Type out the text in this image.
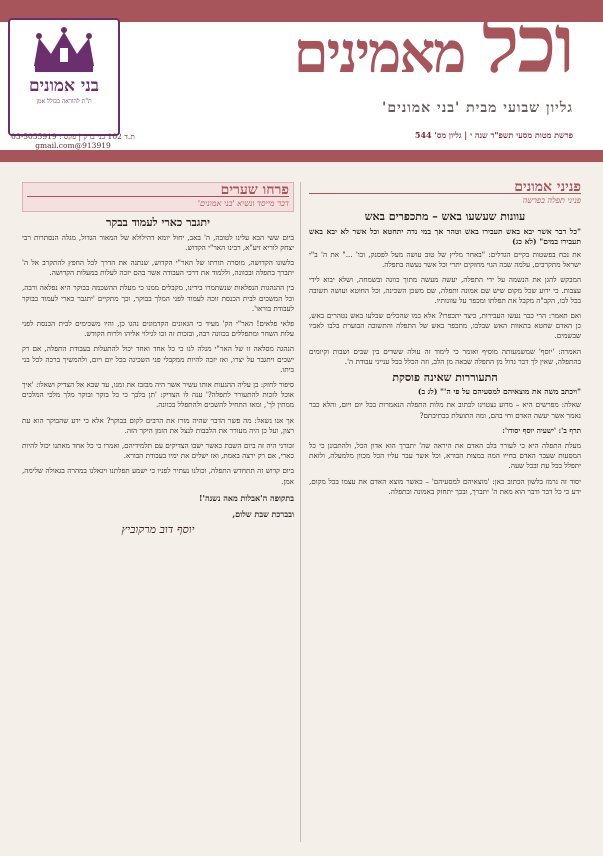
בני אמונים
ת"ת להוראה בכולל אמן
ת.ד 102 בני ברק | פקס : 03-5055919
913919@gmail.com
וכל מאמינים
גליון שבועי מבית 'בני אמונים'
פרשת מטות מסעי תשפ"ד שנה י | גליון מס' 544
פניני אמונים
פניני תפלה בפרשה
עוונות שעשעו באש – מתכפרים באש
"כל דבר אשר יבא באש תעבירו באש וטהר אך במי נדה יתחטא וכל אשר לא יבא באש תעבירו במים" (לא כג)

את נכח בפשטות בקיים הגדלים: "באחר מליץ של טוב עושה מעל לפסנק, וכו' ..." את ה' ב"י ישראל מתקרבים, עלמה שבה הגוי מחזקים יתרי וכל אשר נעשה בתפלה.

המבקש להגן את הנשמה על ידי התפלה, יעשה מעשה מתוך כוונה ובשמחה, ושלא יבוא לידי עצבות. כי ידוע שכל מקום שיש שם אמונה ותפלה, שם משכן השכינה, וכל החוטא ועושה תשובה בכל לבו, הקב"ה מקבל את תפלתו ומכפר על עוונותיו.

ואם תאמר: הרי כבר נעשו העבירות, כיצד יתכפרו? אלא כמו שהכלים שבלעו באש נטהרים באש, כן האדם שחטא בתאוות האש שבלבו, מתכפר באש של התפלה והתשובה הבוערת בלבו לאביו שבשמים.

האמרה: 'יוסף' שמשמעותה מוסיף ואומר כי לימוד זה עולה ששדים בין שבים ושבות וקיומים בהתפלה, שאין לך דבר גדול מן התפלה שבאה מן הלב, וזה הכלל בכל ענייני עבודת ה'.

התעוררות שאינה פוסקת
"ויכתב משה את מוצאיהם למסעיהם על פי ה'" (לג ב)

שאלה: מפרשים היא – מדוע נצטוינו לכתוב את מלות התפלה הנאמרות בכל יום ויום, והלא כבר נאמר אשר יעשה האדם וחי בהם, ומה התועלת בכתיבתם?

תרף ב': 'ישעיה יוסף יסודו':

מעלת התפלה היא כי לעורר בלב האדם את היראה שה' יתברך הוא אדון הכל, ולהתבונן כי כל המסעות שעבר האדם בחייו המה במצות הבורא, וכל אשר עבר עליו הכל מכוון מלמעלה, ולזאת יתפלל בכל עת ובכל שעה.

יסוד זה נרמז בלשון הכתוב כאן: 'מוצאיהם למסעיהם' – כאשר מוצא האדם את עצמו בכל מקום, ידע כי כל דבר ודבר הוא מאת ה' יתברך, ובכך יתחזק באמונה ובתפלה.

פרחו שערים
דבר מייסד ונשיא 'בני אמונים'
יתגבר כארי לעמוד בבקר

ביום ששי הבא עלינו לטובה, ה' באב, יחול יומא דהילולא של המאור הגדול, מגלה הנסתרות רבי יצחק לוריא זיע"א, רבינו האר"י הקדוש.

בלשונו הקדושה, מוסרה תורתו של האר"י הקדוש, שנתנה את הדרך לכל החפץ להתקרב אל ה' יתברך בתפלה ובכוונה, וללמוד את דרכי העבודה אשר בהם יזכה לעלות במעלות הקדושה.

בין ההנהגות הנפלאות שנשתמרו בידינו, מקבלים ממנו כי מעלת ההשכמה בבוקר היא נפלאה ורבה, וכל המשכים לבית הכנסת זוכה לעמוד לפני המלך בבוקר, וכך מתקיים 'יתגבר כארי לעמוד בבוקר לעבודת בוראו'.

פלאי פלאים! האר"י הק' מעיד כי הגאונים הקדמונים נהגו כן, והיו משכימים לבית הכנסת לפני עלות השחר ומתפללים בכוונה רבה, ובזכות זה זכו לגילוי אליהו ולרוח הקודש.

הנהגה מסלאה זו של האר"י מגלה לנו כי כל אחד ואחד יכול להתעלות בעבודת התפלה, אם רק ישכים ויתגבר על יצרו, ואז יזכה להיות ממקבלי פני השכינה בכל יום ויום, ולהמשיך ברכה לכל בני ביתו.

סיפור לחזק: בן עליה ההגעות אותו עשיר אשר היה מבזבז את זמנו, עד שבא אל הצדיק ושאלו: 'איך אוכל לזכות להתעורר לתפלה?' ענה לו הצדיק: 'תן בלבך כי כל בוקר ובוקר מלך מלכי המלכים ממתין לך', ומאז התחיל להשכים ולהתפלל בכוונה.

אך אנו נשאל: מה פשר הדבר שהיה מזרז את הרבים לקום בבוקר? אלא כי ידע שהבוקר הוא עת רצון, ועל כן היה מעורר את הלבבות לנצל את הזמן היקר הזה.

זכורני היה זה ביום השבת כאשר ישבו הצדיקים עם תלמידיהם, ואמרו כי כל אחד מאתנו יכול להיות כארי, אם רק ירצה באמת, ואז ישלים את ימיו בעבודת הבורא.

ביום קדוש זה תתחדש התפלה, וכולנו נעתיר לפניו כי ישמע תפלתנו ויגאלנו במהרה בגאולה שלימה, אמן.

בתקופה ה'אבלות מאה נשנה'!
ובברכת שבת שלום,
יוסף דוב מרקוביץ
